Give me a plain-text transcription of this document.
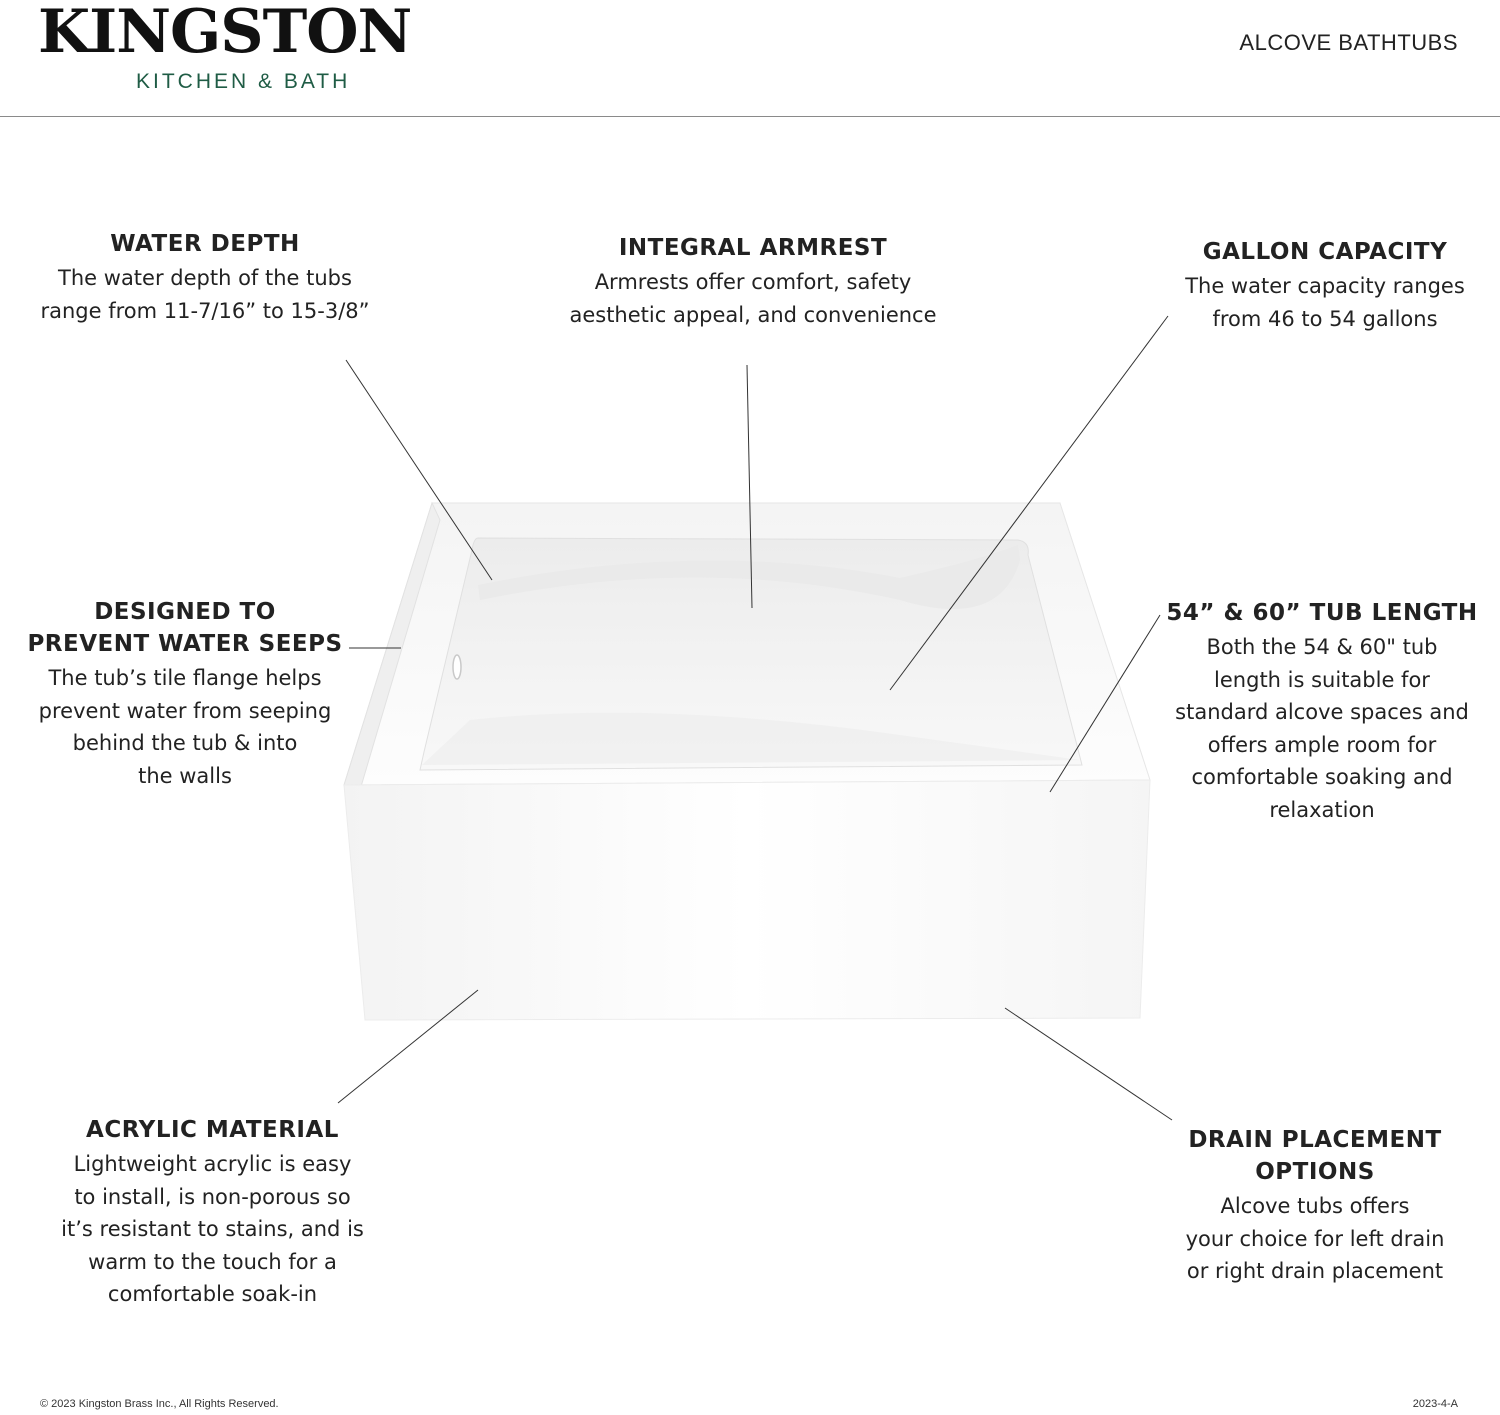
KINGSTON
KITCHEN & BATH
ALCOVE BATHTUBS
WATER DEPTH
The water depth of the tubs
range from 11-7/16” to 15-3/8”
INTEGRAL ARMREST
Armrests offer comfort, safety
aesthetic appeal, and convenience
GALLON CAPACITY
The water capacity ranges
from 46 to 54 gallons
DESIGNED TO
PREVENT WATER SEEPS
The tub’s tile flange helps
prevent water from seeping
behind the tub & into
the walls
54” & 60” TUB LENGTH
Both the 54 & 60" tub
length is suitable for
standard alcove spaces and
offers ample room for
comfortable soaking and
relaxation
ACRYLIC MATERIAL
Lightweight acrylic is easy
to install, is non-porous so
it’s resistant to stains, and is
warm to the touch for a
comfortable soak-in
DRAIN PLACEMENT
OPTIONS
Alcove tubs offers
your choice for left drain
or right drain placement
© 2023 Kingston Brass Inc., All Rights Reserved.	2023-4-A
